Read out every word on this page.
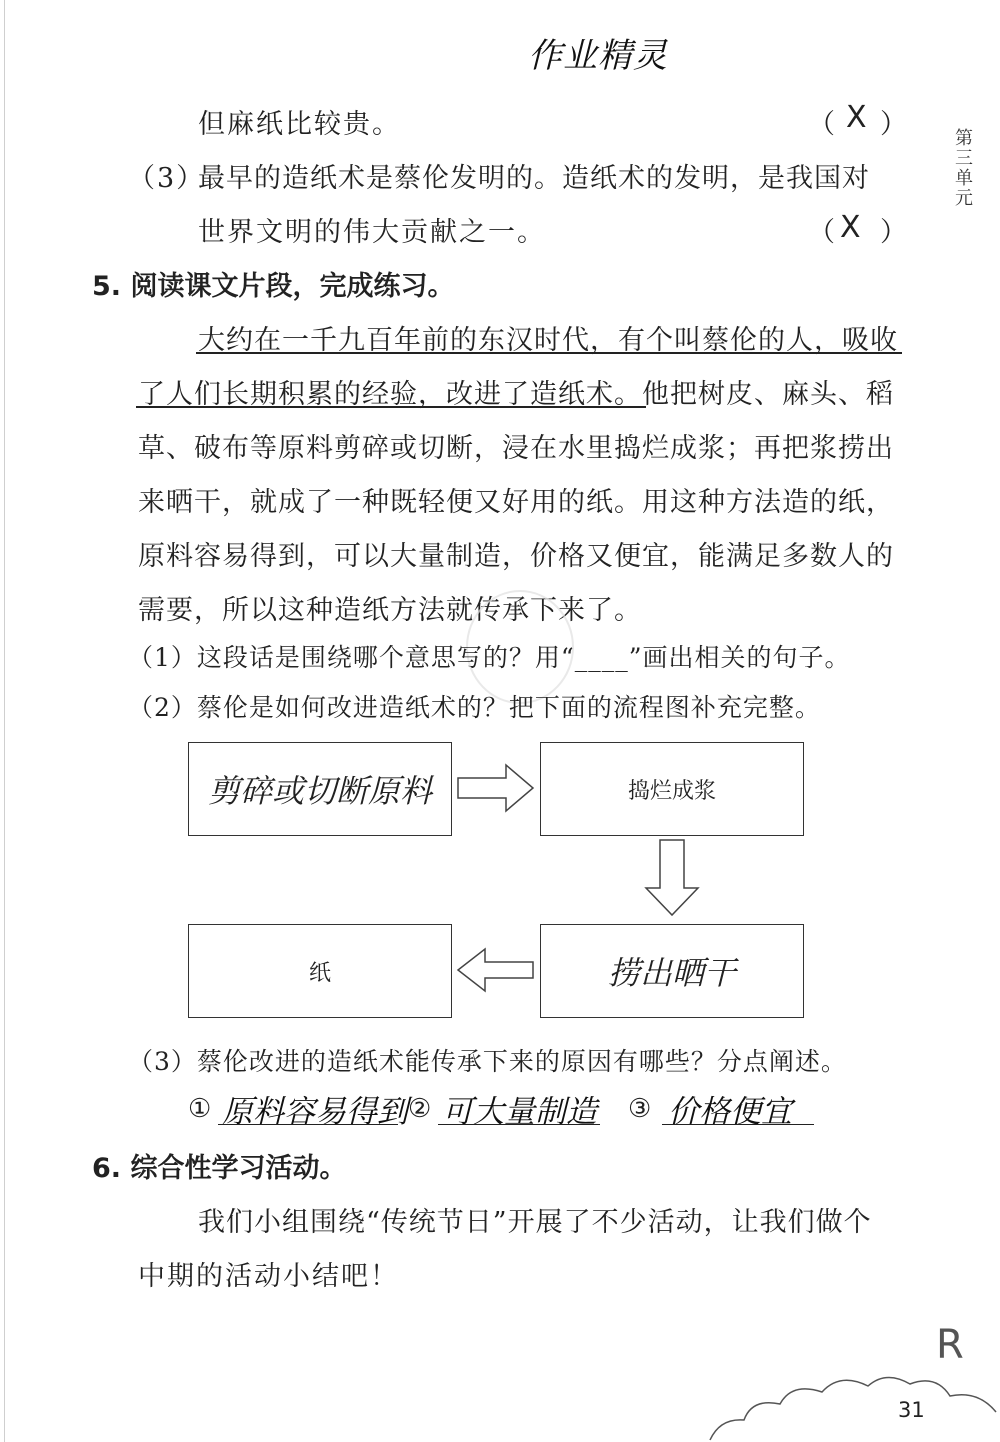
作业精灵
第三单元
但麻纸比较贵。	（ X ）
（3）
最早的造纸术是蔡伦发明的。造纸术的发明，是我国对
世界文明的伟大贡献之一。	（ X ）
5. 阅读课文片段，完成练习。
大约在一千九百年前的东汉时代，有个叫蔡伦的人，吸收
了人们长期积累的经验，改进了造纸术。他把树皮、麻头、稻
草、破布等原料剪碎或切断，浸在水里捣烂成浆；再把浆捞出
来晒干，就成了一种既轻便又好用的纸。用这种方法造的纸，
原料容易得到，可以大量制造，价格又便宜，能满足多数人的
需要，所以这种造纸方法就传承下来了。
（1）这段话是围绕哪个意思写的？用“____”画出相关的句子。
（2）蔡伦是如何改进造纸术的？把下面的流程图补充完整。
剪碎或切断原料	捣烂成浆
捞出晒干
纸
（3）蔡伦改进的造纸术能传承下来的原因有哪些？分点阐述。
① 原料容易得到 ② 可大量制造 ③ 价格便宜
6. 综合性学习活动。
我们小组围绕“传统节日”开展了不少活动，让我们做个
中期的活动小结吧！
R
31
